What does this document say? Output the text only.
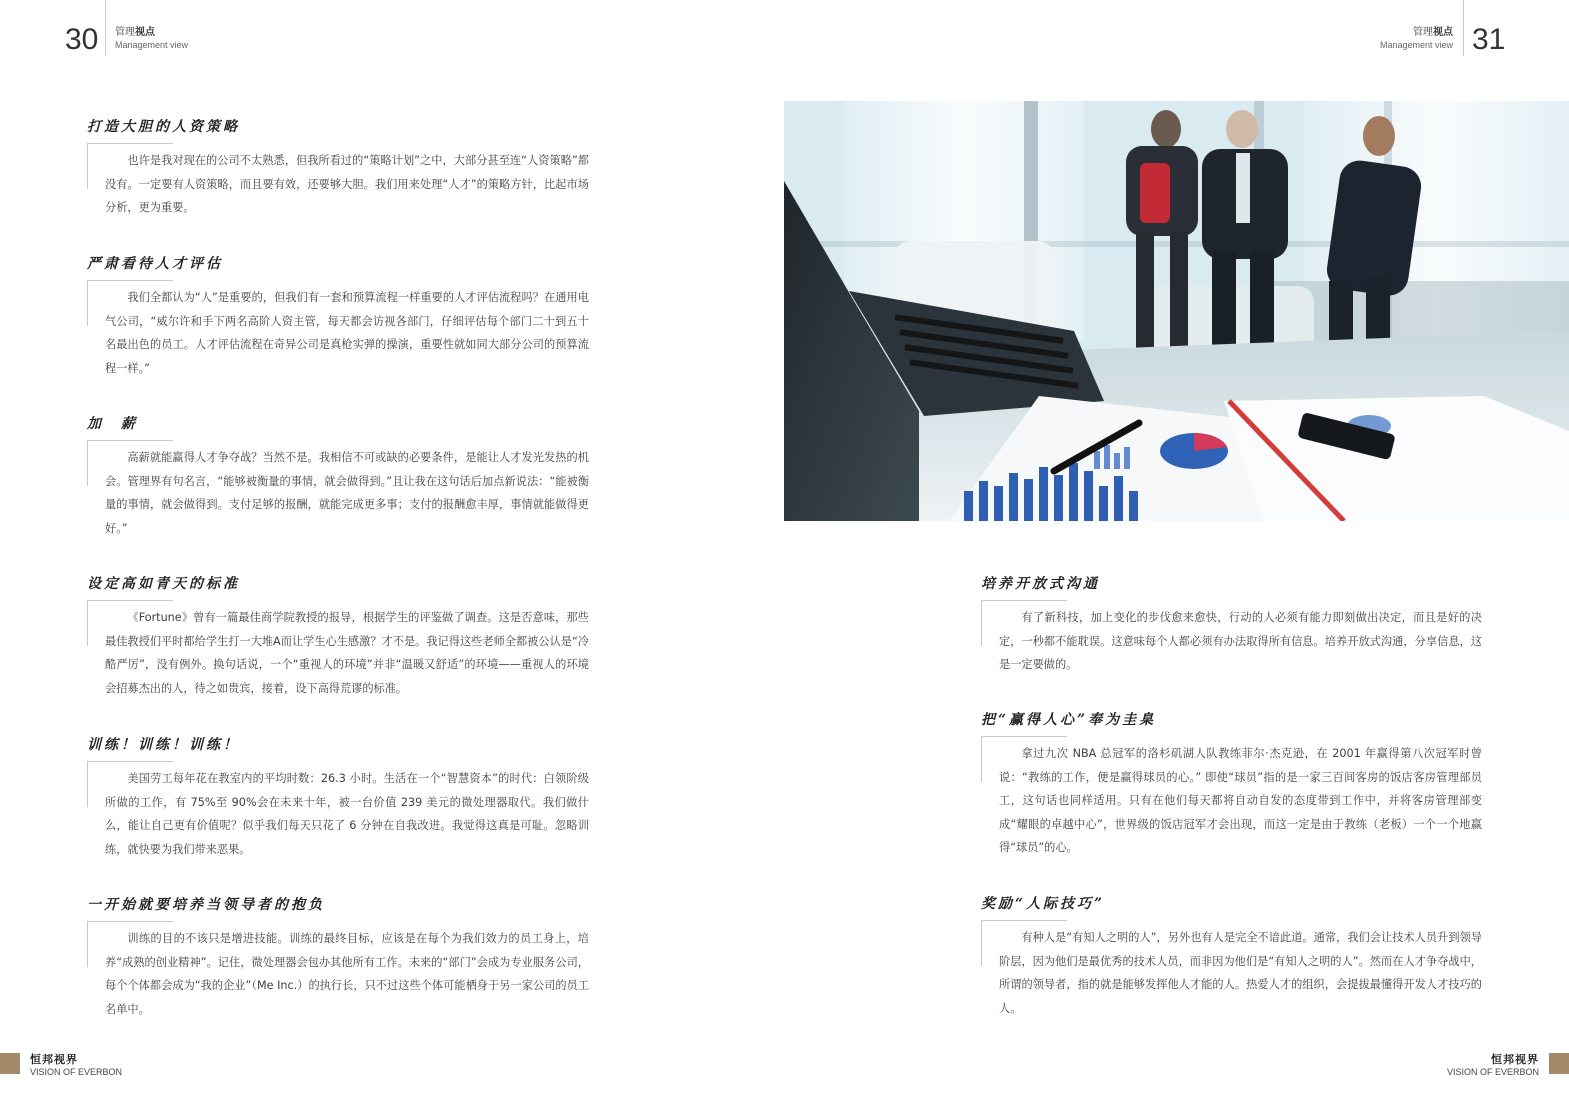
30 管理视点
Management view	31
管理视点
Management view
打造大胆的人资策略

也许是我对现在的公司不太熟悉，但我所看过的“策略计划”之中，大部分甚至连“人资策略”都没有。一定要有人资策略，而且要有效，还要够大胆。我们用来处理“人才”的策略方针，比起市场分析，更为重要。

严肃看待人才评估

我们全都认为“人”是重要的，但我们有一套和预算流程一样重要的人才评估流程吗？在通用电气公司，“威尔许和手下两名高阶人资主管，每天都会访视各部门，仔细评估每个部门二十到五十名最出色的员工。人才评估流程在奇异公司是真枪实弹的操演，重要性就如同大部分公司的预算流程一样。”

加　薪

高薪就能赢得人才争夺战？当然不是。我相信不可或缺的必要条件，是能让人才发光发热的机会。管理界有句名言，“能够被衡量的事情，就会做得到。”且让我在这句话后加点新说法：“能被衡量的事情，就会做得到。支付足够的报酬，就能完成更多事；支付的报酬愈丰厚，事情就能做得更好。”

设定高如青天的标准

《Fortune》曾有一篇最佳商学院教授的报导，根据学生的评鉴做了调查。这是否意味，那些最佳教授们平时都给学生打一大堆A而让学生心生感激？才不是。我记得这些老师全都被公认是“冷酷严厉”，没有例外。换句话说，一个“重视人的环境”并非“温暖又舒适”的环境——重视人的环境会招募杰出的人，待之如贵宾，接着，设下高得荒谬的标准。

训练！训练！训练！

美国劳工每年花在教室内的平均时数：26.3 小时。生活在一个“智慧资本”的时代：白领阶级所做的工作，有 75%至 90%会在未来十年，被一台价值 239 美元的微处理器取代。我们做什么，能让自己更有价值呢？似乎我们每天只花了 6 分钟在自我改进。我觉得这真是可耻。忽略训练，就快要为我们带来恶果。

一开始就要培养当领导者的抱负

训练的目的不该只是增进技能。训练的最终目标，应该是在每个为我们效力的员工身上，培养“成熟的创业精神”。记住，微处理器会包办其他所有工作。未来的“部门”会成为专业服务公司，每个个体都会成为“我的企业”（Me Inc.）的执行长，只不过这些个体可能栖身于另一家公司的员工名单中。

培养开放式沟通

有了新科技，加上变化的步伐愈来愈快，行动的人必须有能力即刻做出决定，而且是好的决定，一秒都不能耽误。这意味每个人都必须有办法取得所有信息。培养开放式沟通，分享信息，这是一定要做的。

把“赢得人心”奉为圭臬

拿过九次 NBA 总冠军的洛杉矶湖人队教练菲尔·杰克逊，在 2001 年赢得第八次冠军时曾说：“教练的工作，便是赢得球员的心。” 即使“球员”指的是一家三百间客房的饭店客房管理部员工，这句话也同样适用。只有在他们每天都将自动自发的态度带到工作中，并将客房管理部变成“耀眼的卓越中心”，世界级的饭店冠军才会出现，而这一定是由于教练（老板）一个一个地赢得“球员”的心。

奖励“人际技巧”

有种人是“有知人之明的人”，另外也有人是完全不谙此道。通常，我们会让技术人员升到领导阶层，因为他们是最优秀的技术人员，而非因为他们是“有知人之明的人”。然而在人才争夺战中，所谓的领导者，指的就是能够发挥他人才能的人。热爱人才的组织，会提拔最懂得开发人才技巧的人。

恒邦视界
VISION OF EVERBON
恒邦视界
VISION OF EVERBON
